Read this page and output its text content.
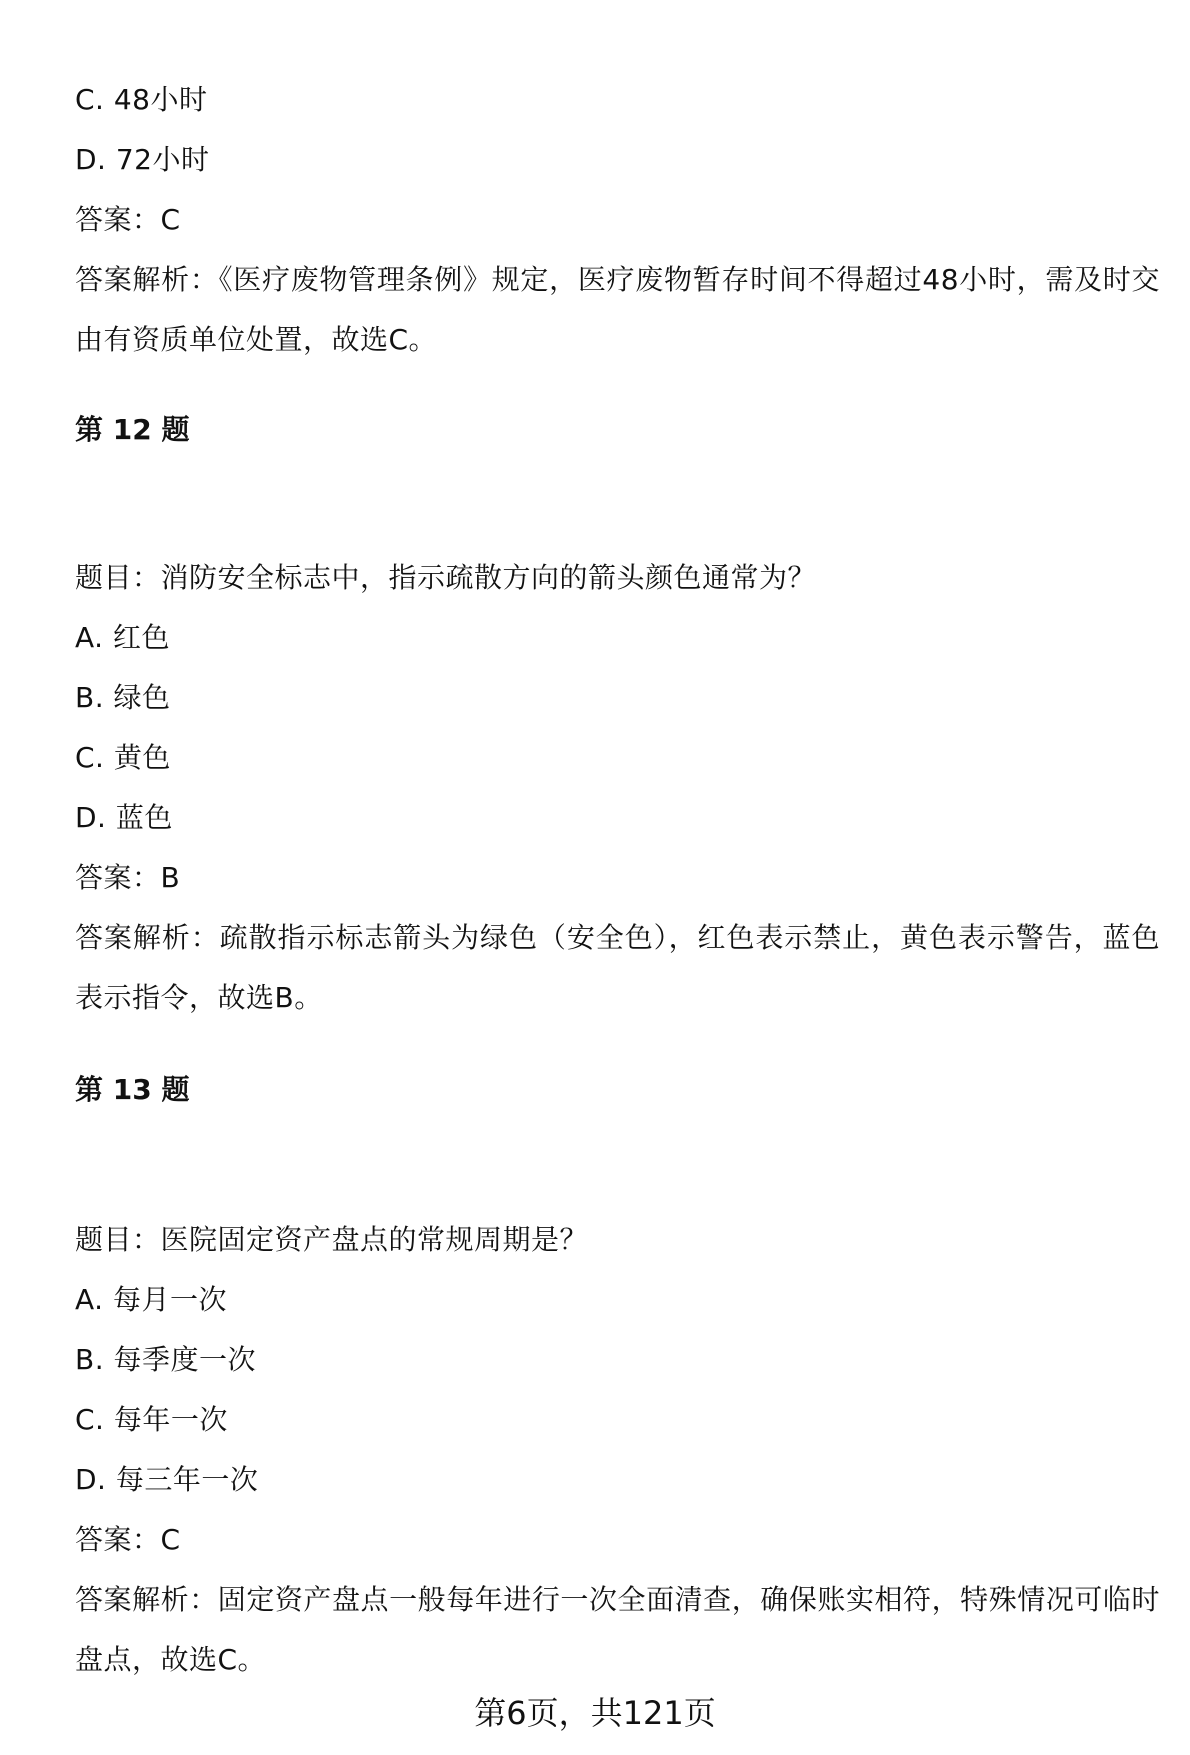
C. 48小时
D. 72小时
答案：C
答案解析：《医疗废物管理条例》规定，医疗废物暂存时间不得超过48小时，需及时交由有资质单位处置，故选C。
第 12 题
题目：消防安全标志中，指示疏散方向的箭头颜色通常为？
A. 红色
B. 绿色
C. 黄色
D. 蓝色
答案：B
答案解析：疏散指示标志箭头为绿色（安全色），红色表示禁止，黄色表示警告，蓝色表示指令，故选B。
第 13 题
题目：医院固定资产盘点的常规周期是？
A. 每月一次
B. 每季度一次
C. 每年一次
D. 每三年一次
答案：C
答案解析：固定资产盘点一般每年进行一次全面清查，确保账实相符，特殊情况可临时盘点，故选C。
第6页，共121页
